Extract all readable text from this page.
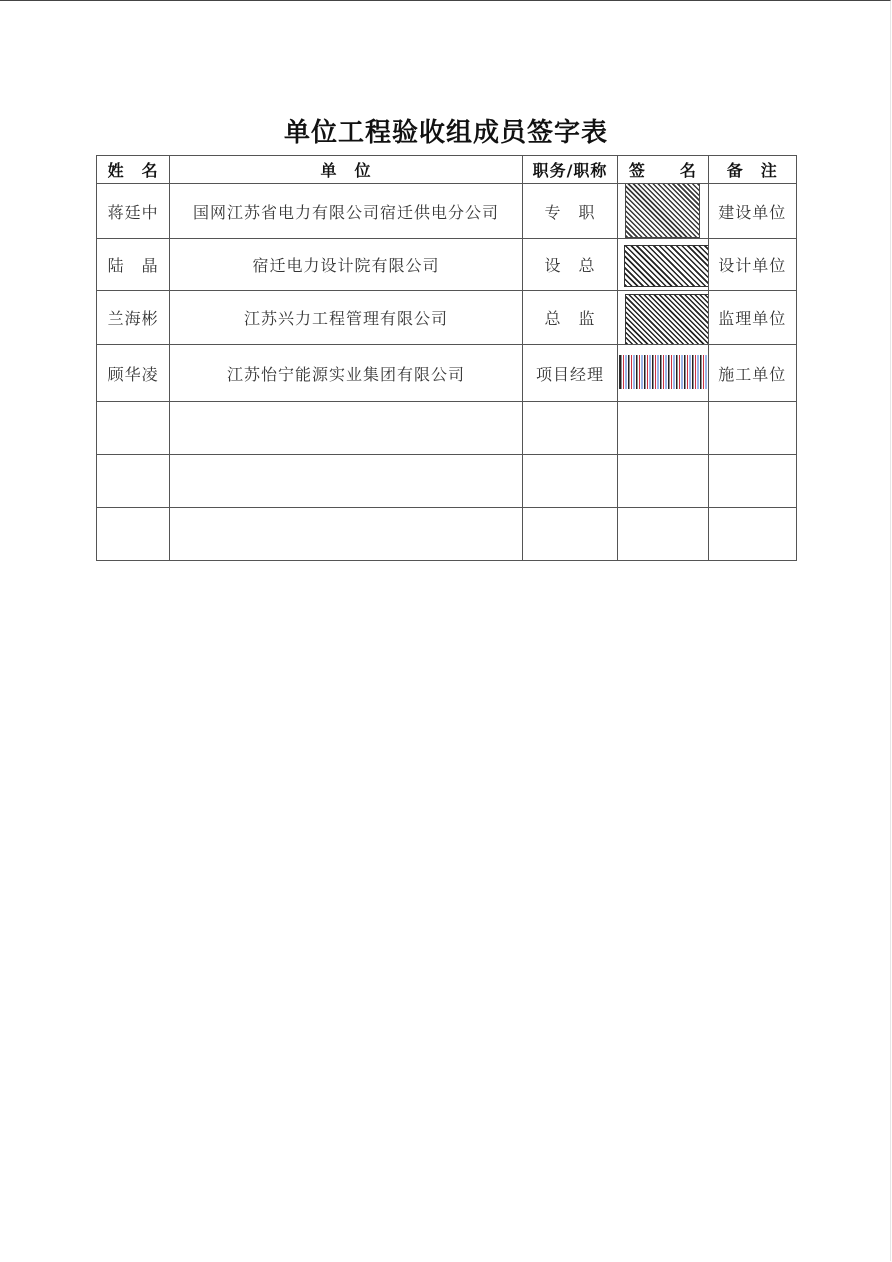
单位工程验收组成员签字表
姓　名	单　位	职务/职称	签　　名	备　注
蒋廷中	国网江苏省电力有限公司宿迁供电分公司	专　职		建设单位
陆　晶	宿迁电力设计院有限公司	设　总		设计单位
兰海彬	江苏兴力工程管理有限公司	总　监		监理单位
顾华凌	江苏怡宁能源实业集团有限公司	项目经理		施工单位
